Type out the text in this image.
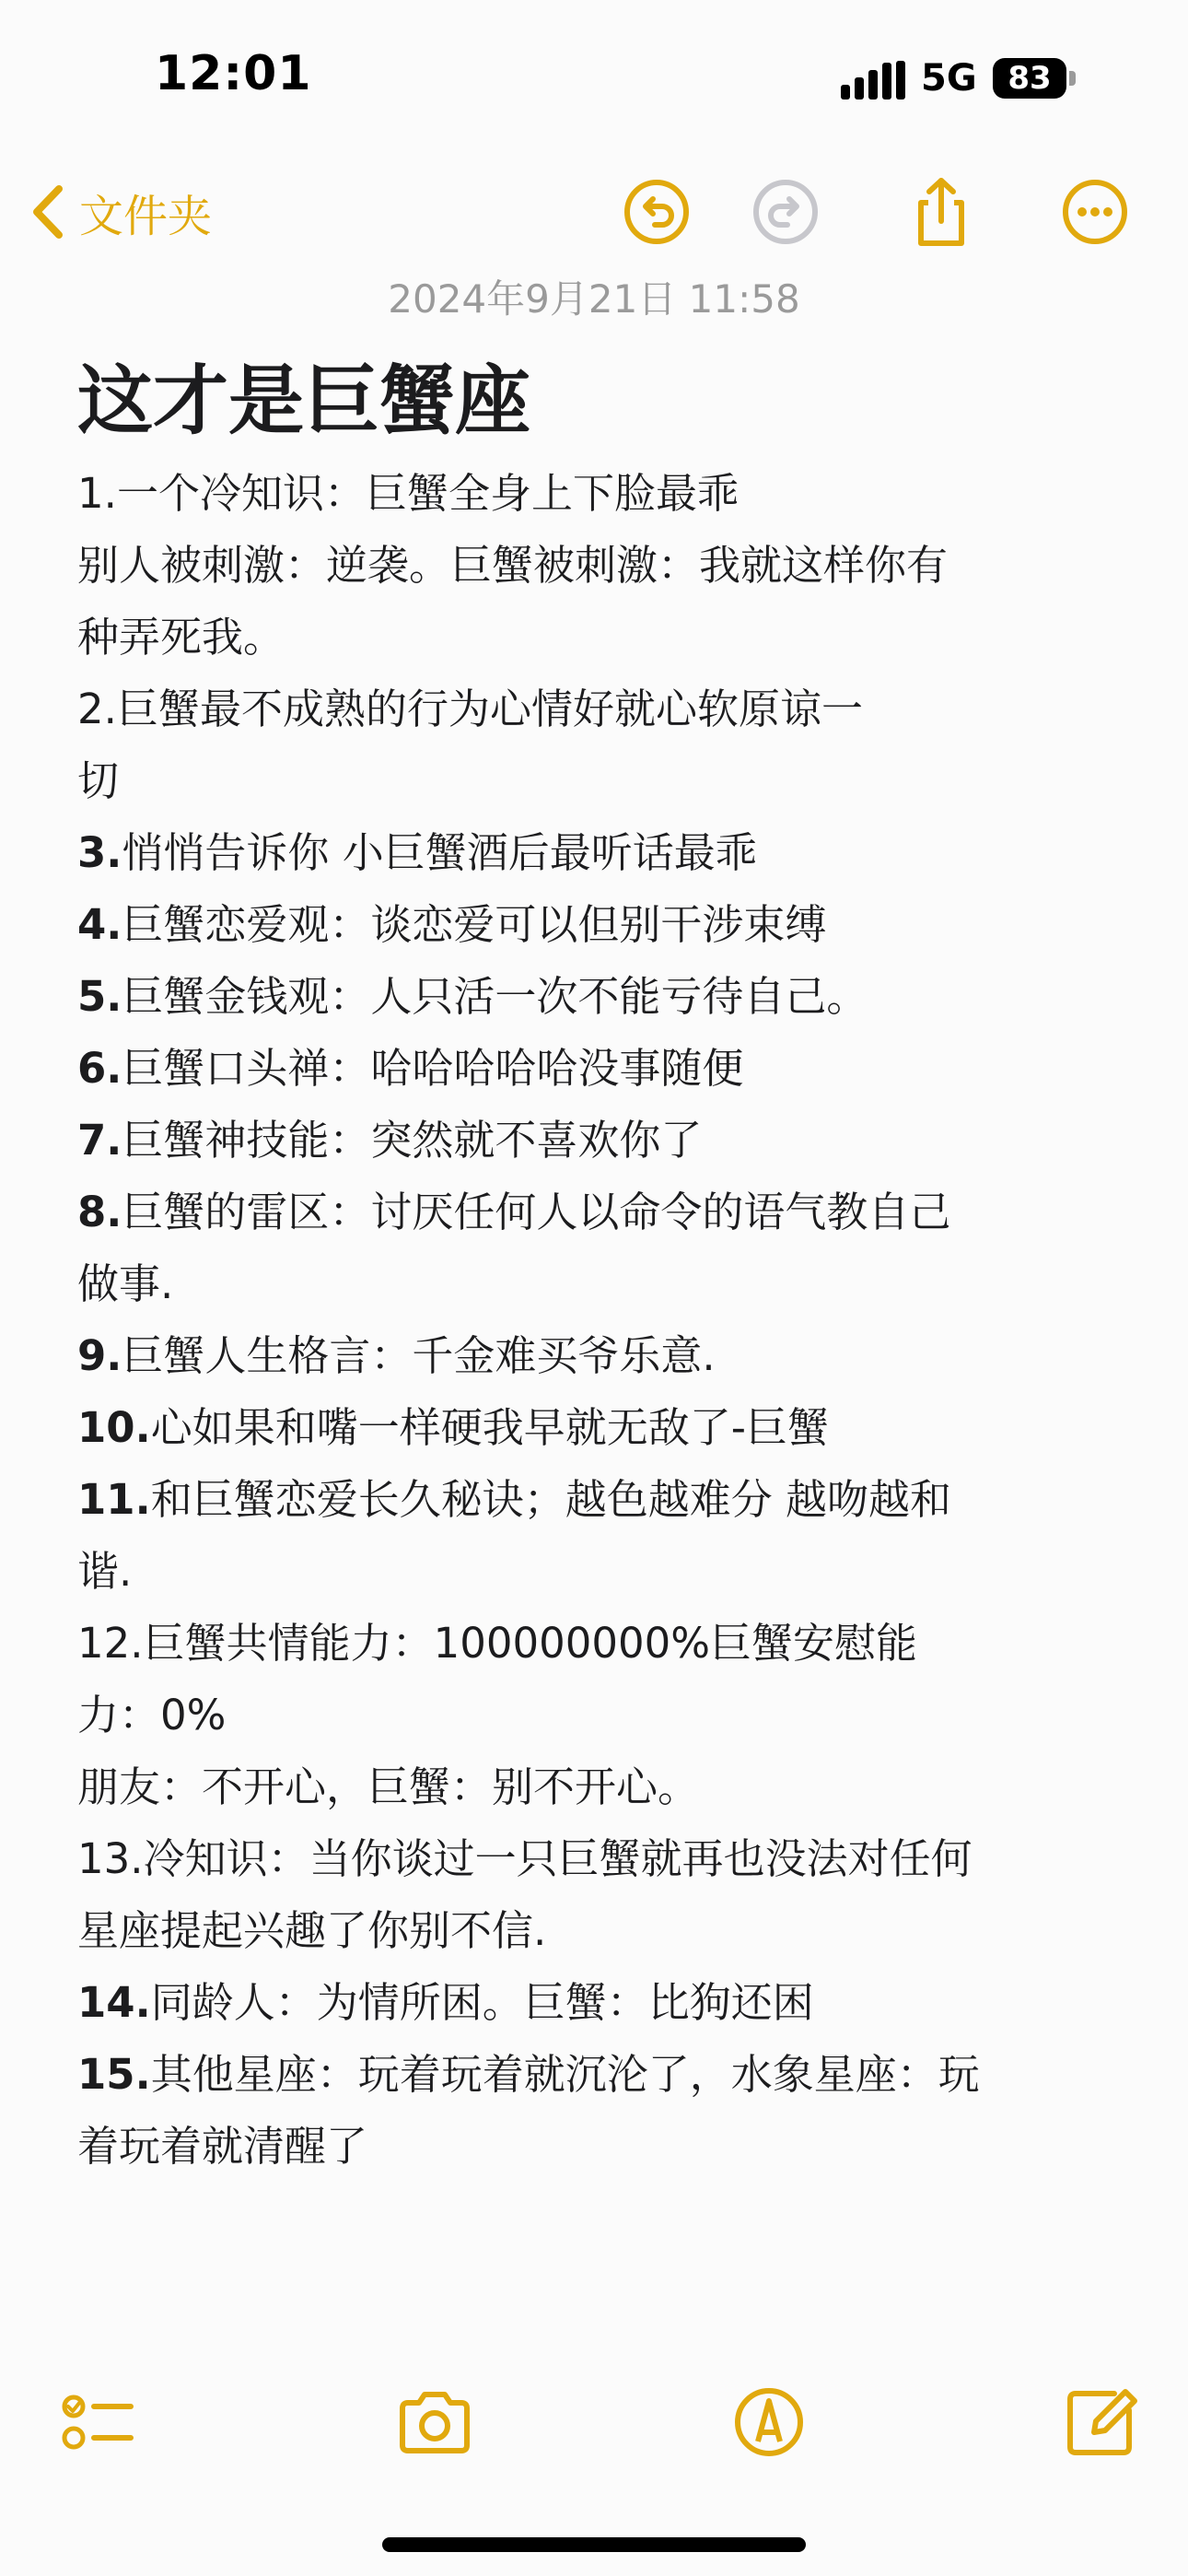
12:01	5G 83
文件夹
2024年9月21日 11:58
这才是巨蟹座
1.一个冷知识：巨蟹全身上下脸最乖
别人被刺激：逆袭。巨蟹被刺激：我就这样你有
种弄死我。
2.巨蟹最不成熟的行为心情好就心软原谅一
切
3.悄悄告诉你 小巨蟹酒后最听话最乖
4.巨蟹恋爱观：谈恋爱可以但别干涉束缚
5.巨蟹金钱观：人只活一次不能亏待自己。
6.巨蟹口头禅：哈哈哈哈哈没事随便
7.巨蟹神技能：突然就不喜欢你了
8.巨蟹的雷区：讨厌任何人以命令的语气教自己
做事.
9.巨蟹人生格言：千金难买爷乐意.
10.心如果和嘴一样硬我早就无敌了-巨蟹
11.和巨蟹恋爱长久秘诀；越色越难分 越吻越和
谐.
12.巨蟹共情能力：100000000%巨蟹安慰能
力：0%
朋友：不开心，巨蟹：别不开心。
13.冷知识：当你谈过一只巨蟹就再也没法对任何
星座提起兴趣了你别不信.
14.同龄人：为情所困。巨蟹：比狗还困
15.其他星座：玩着玩着就沉沦了，水象星座：玩
着玩着就清醒了
